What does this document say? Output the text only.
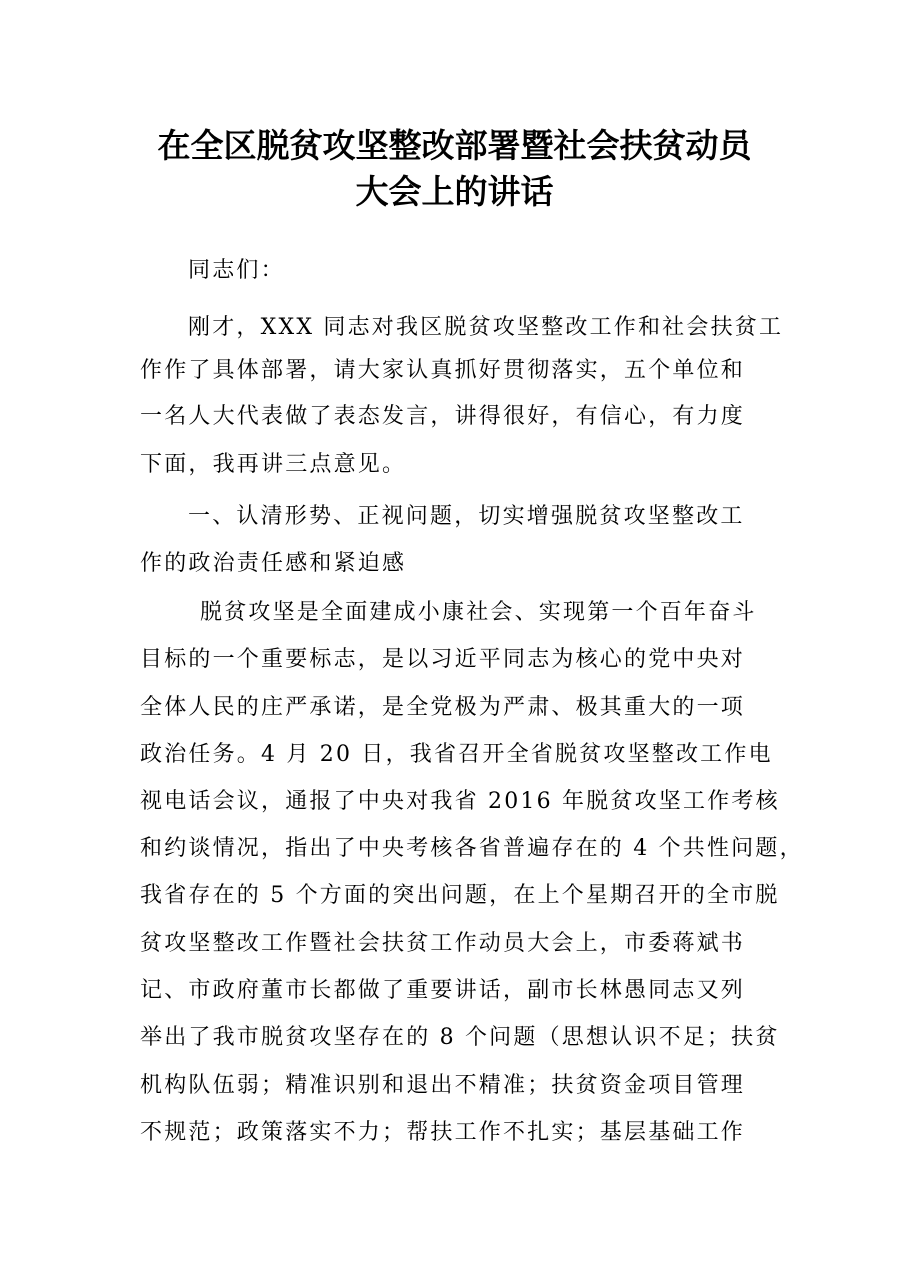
在全区脱贫攻坚整改部署暨社会扶贫动员
大会上的讲话
同志们：
刚才，XXX 同志对我区脱贫攻坚整改工作和社会扶贫工
作作了具体部署，请大家认真抓好贯彻落实，五个单位和
一名人大代表做了表态发言，讲得很好，有信心，有力度
下面，我再讲三点意见。
一、认清形势、正视问题，切实增强脱贫攻坚整改工
作的政治责任感和紧迫感
脱贫攻坚是全面建成小康社会、实现第一个百年奋斗
目标的一个重要标志，是以习近平同志为核心的党中央对
全体人民的庄严承诺，是全党极为严肃、极其重大的一项
政治任务。4 月 20 日，我省召开全省脱贫攻坚整改工作电
视电话会议，通报了中央对我省 2016 年脱贫攻坚工作考核
和约谈情况，指出了中央考核各省普遍存在的 4 个共性问题，
我省存在的 5 个方面的突出问题，在上个星期召开的全市脱
贫攻坚整改工作暨社会扶贫工作动员大会上，市委蒋斌书
记、市政府董市长都做了重要讲话，副市长林愚同志又列
举出了我市脱贫攻坚存在的 8 个问题（思想认识不足；扶贫
机构队伍弱；精准识别和退出不精准；扶贫资金项目管理
不规范；政策落实不力；帮扶工作不扎实；基层基础工作
